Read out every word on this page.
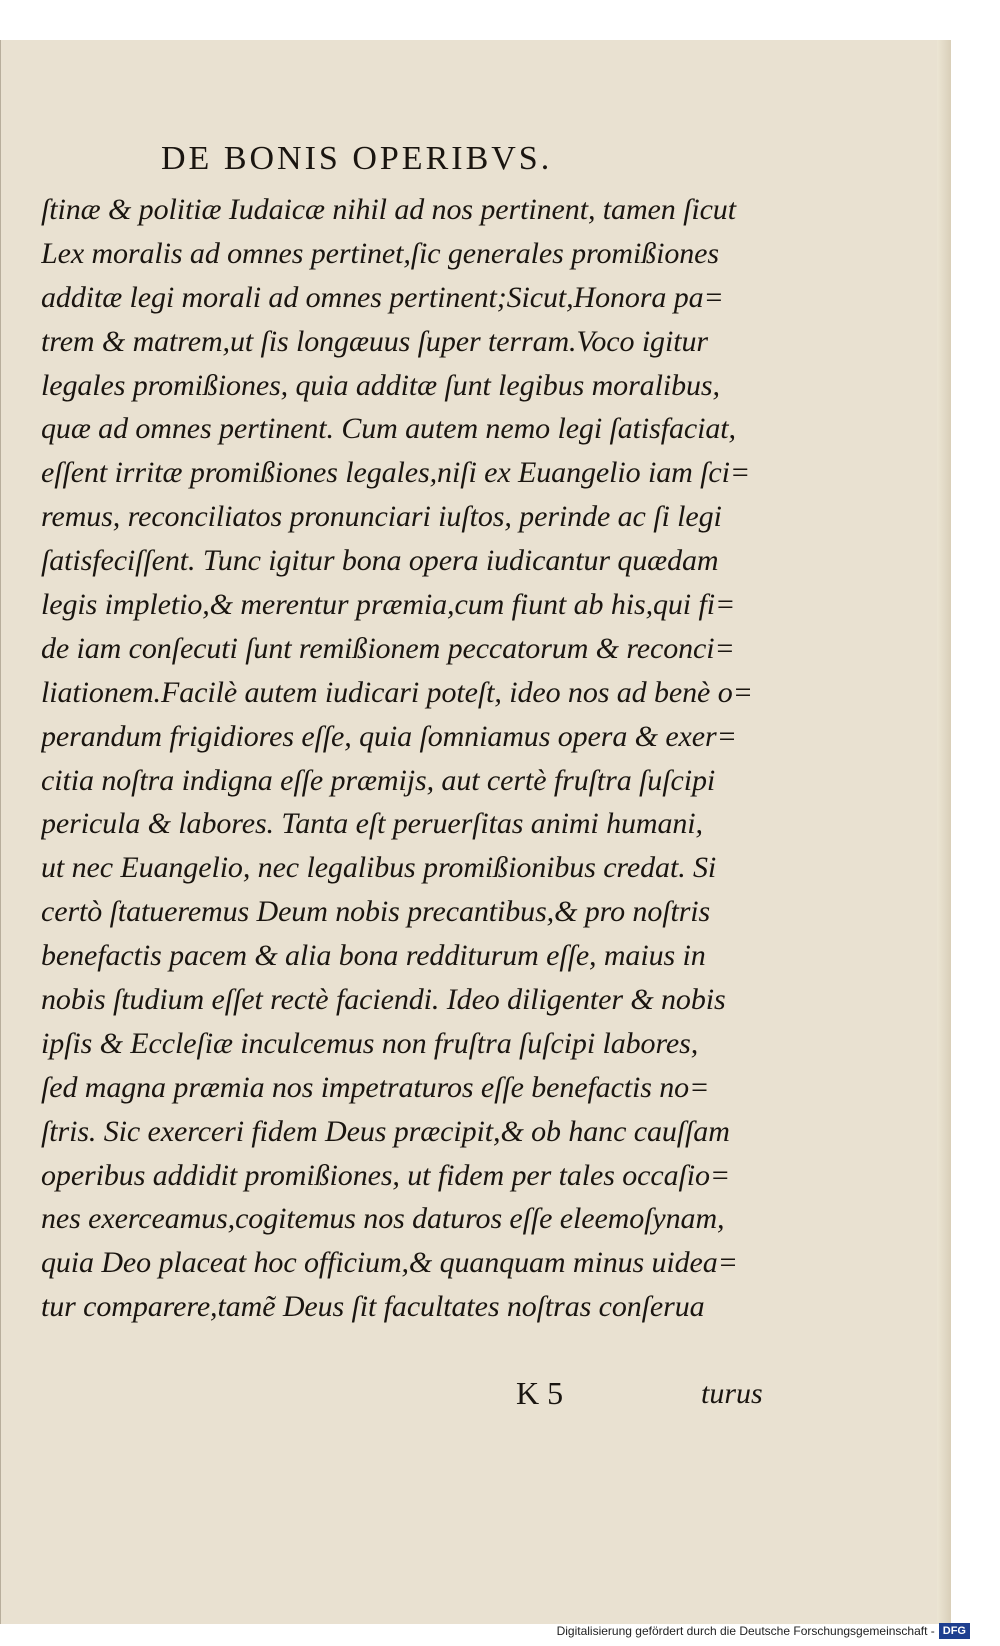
DE BONIS OPERIBVS.
ſtinæ & politiæ Iudaicæ nihil ad nos pertinent, tamen ſicut
Lex moralis ad omnes pertinet,ſic generales promißiones
additæ legi morali ad omnes pertinent;Sicut,Honora pa=
trem & matrem,ut ſis longæuus ſuper terram.Voco igitur
legales promißiones, quia additæ ſunt legibus moralibus,
quæ ad omnes pertinent. Cum autem nemo legi ſatisfaciat,
eſſent irritæ promißiones legales,niſi ex Euangelio iam ſci=
remus, reconciliatos pronunciari iuſtos, perinde ac ſi legi
ſatisfeciſſent. Tunc igitur bona opera iudicantur quædam
legis impletio,& merentur præmia,cum fiunt ab his,qui fi=
de iam conſecuti ſunt remißionem peccatorum & reconci=
liationem.Facilè autem iudicari poteſt, ideo nos ad benè o=
perandum frigidiores eſſe, quia ſomniamus opera & exer=
citia noſtra indigna eſſe præmijs, aut certè fruſtra ſuſcipi
pericula & labores. Tanta eſt peruerſitas animi humani,
ut nec Euangelio, nec legalibus promißionibus credat. Si
certò ſtatueremus Deum nobis precantibus,& pro noſtris
benefactis pacem & alia bona redditurum eſſe, maius in
nobis ſtudium eſſet rectè faciendi. Ideo diligenter & nobis
ipſis & Eccleſiæ inculcemus non fruſtra ſuſcipi labores,
ſed magna præmia nos impetraturos eſſe benefactis no=
ſtris. Sic exerceri fidem Deus præcipit,& ob hanc cauſſam
operibus addidit promißiones, ut fidem per tales occaſio=
nes exerceamus,cogitemus nos daturos eſſe eleemoſynam,
quia Deo placeat hoc officium,& quanquam minus uidea=
tur comparere,tamẽ Deus ſit facultates noſtras conſerua
K 5	turus
Digitalisierung gefördert durch die Deutsche Forschungsgemeinschaft - DFG
